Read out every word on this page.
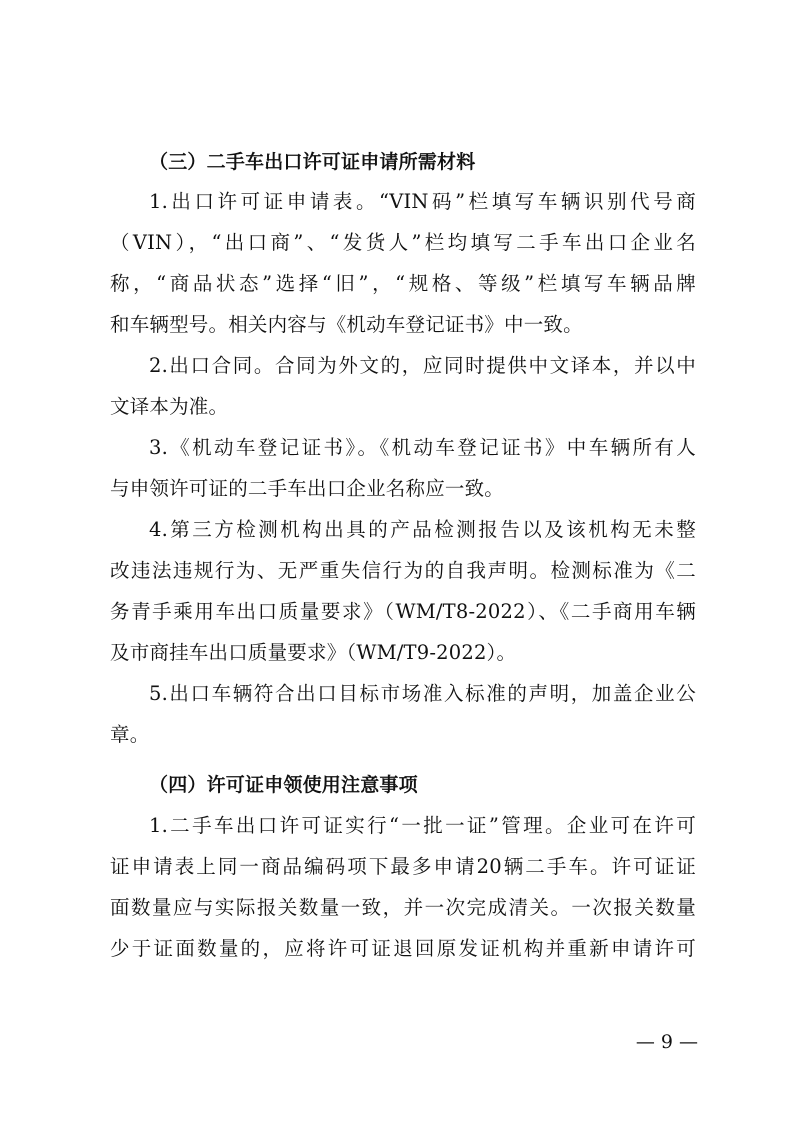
（三）二手车出口许可证申请所需材料
1.出口许可证申请表。“VIN码”栏填写车辆识别代号商
（VIN），“出口商”、“发货人”栏均填写二手车出口企业名
称，“商品状态”选择“旧”，“规格、等级”栏填写车辆品牌
和车辆型号。相关内容与《机动车登记证书》中一致。
2.出口合同。合同为外文的，应同时提供中文译本，并以中
文译本为准。
3.《机动车登记证书》。《机动车登记证书》中车辆所有人
与申领许可证的二手车出口企业名称应一致。
4.第三方检测机构出具的产品检测报告以及该机构无未整
改违法违规行为、无严重失信行为的自我声明。检测标准为《二
务青手乘用车出口质量要求》（WM/T8-2022）、《二手商用车辆
及市商挂车出口质量要求》（WM/T9-2022）。
5.出口车辆符合出口目标市场准入标准的声明，加盖企业公
章。
（四）许可证申领使用注意事项
1.二手车出口许可证实行“一批一证”管理。企业可在许可
证申请表上同一商品编码项下最多申请20辆二手车。许可证证
面数量应与实际报关数量一致，并一次完成清关。一次报关数量
少于证面数量的，应将许可证退回原发证机构并重新申请许可
— 9 —
